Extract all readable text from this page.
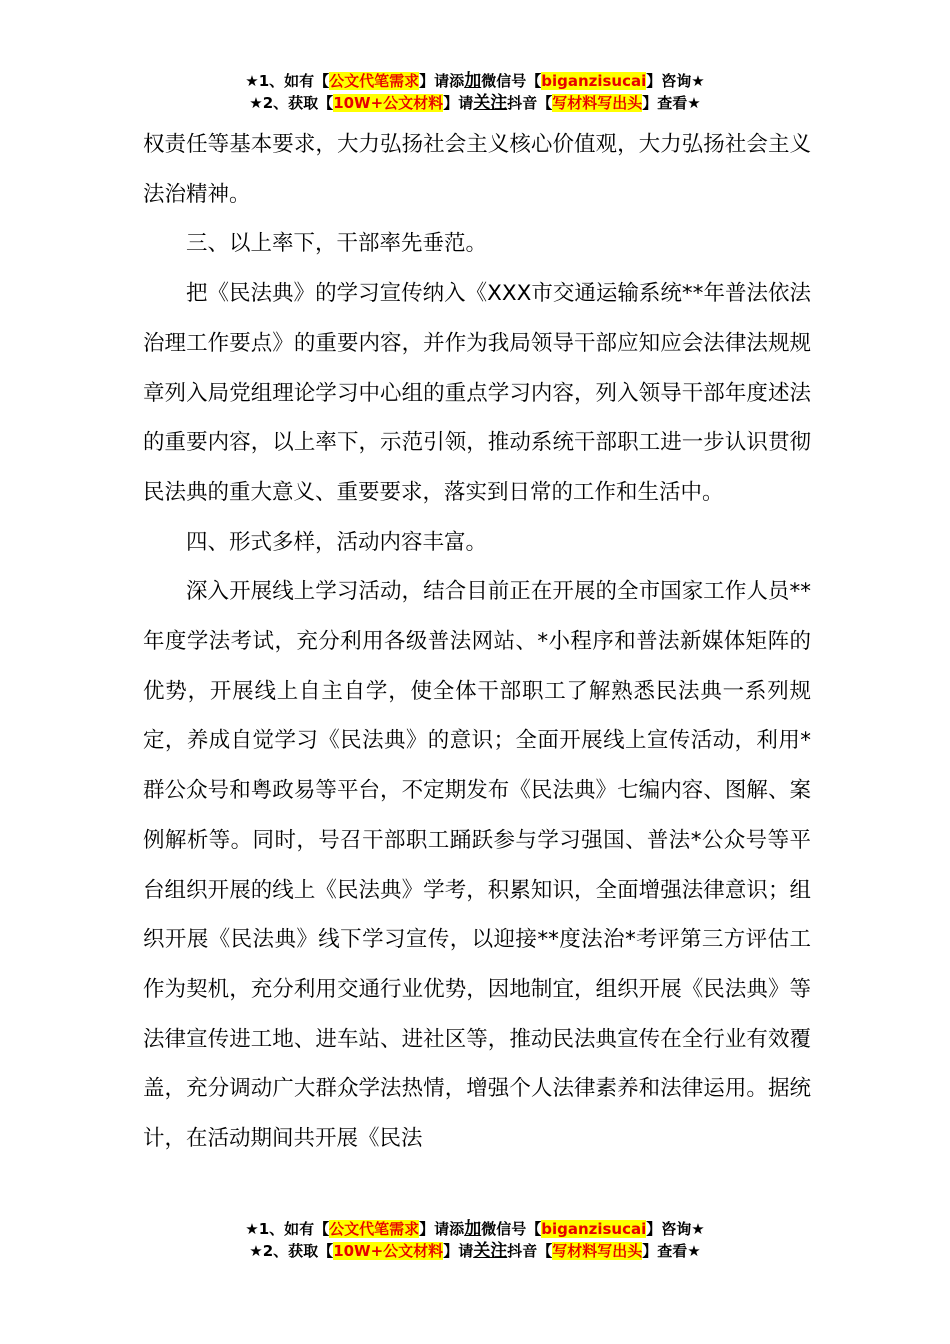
★1、如有【公文代笔需求】请添加微信号【biganzisucai】咨询★
★2、获取【10W+公文材料】请关注抖音【写材料写出头】查看★

权责任等基本要求，大力弘扬社会主义核心价值观，大力弘扬社会主义法治精神。

三、以上率下，干部率先垂范。

把《民法典》的学习宣传纳入《XXX市交通运输系统**年普法依法治理工作要点》的重要内容，并作为我局领导干部应知应会法律法规规章列入局党组理论学习中心组的重点学习内容，列入领导干部年度述法的重要内容，以上率下，示范引领，推动系统干部职工进一步认识贯彻民法典的重大意义、重要要求，落实到日常的工作和生活中。

四、形式多样，活动内容丰富。

深入开展线上学习活动，结合目前正在开展的全市国家工作人员**年度学法考试，充分利用各级普法网站、*小程序和普法新媒体矩阵的优势，开展线上自主自学，使全体干部职工了解熟悉民法典一系列规定，养成自觉学习《民法典》的意识；全面开展线上宣传活动，利用*群公众号和粤政易等平台，不定期发布《民法典》七编内容、图解、案例解析等。同时，号召干部职工踊跃参与学习强国、普法*公众号等平台组织开展的线上《民法典》学考，积累知识，全面增强法律意识；组织开展《民法典》线下学习宣传，以迎接**度法治*考评第三方评估工作为契机，充分利用交通行业优势，因地制宜，组织开展《民法典》等法律宣传进工地、进车站、进社区等，推动民法典宣传在全行业有效覆盖，充分调动广大群众学法热情，增强个人法律素养和法律运用。据统计，在活动期间共开展《民法

★1、如有【公文代笔需求】请添加微信号【biganzisucai】咨询★
★2、获取【10W+公文材料】请关注抖音【写材料写出头】查看★
